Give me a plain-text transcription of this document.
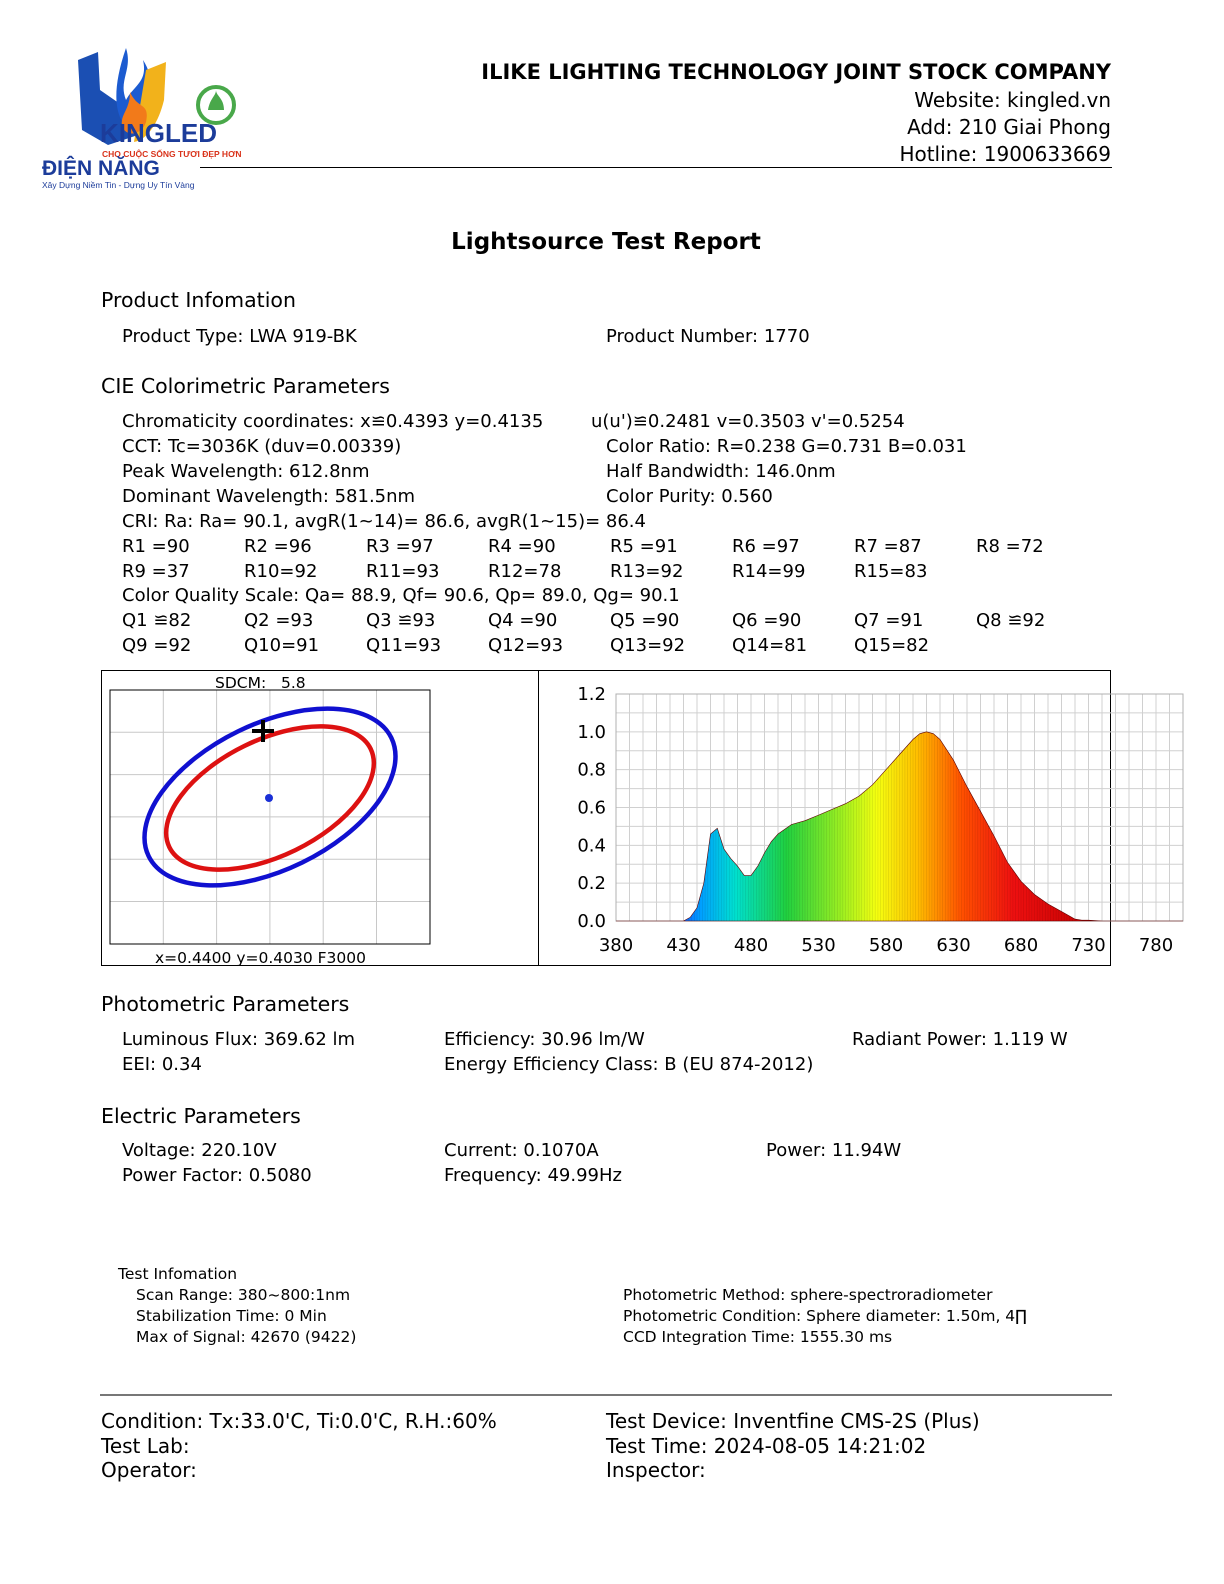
KINGLED
CHO CUỘC SỐNG TƯƠI ĐẸP HƠN
ĐIỆN NĂNG
Xây Dựng Niềm Tin - Dựng Uy Tín Vàng
ILIKE LIGHTING TECHNOLOGY JOINT STOCK COMPANY
Website: kingled.vn
Add: 210 Giai Phong
Hotline: 1900633669
Lightsource Test Report
Product Infomation
Product Type: LWA 919-BK	Product Number: 1770
CIE Colorimetric Parameters
Chromaticity coordinates: x≌0.4393 y=0.4135	u(u')≌0.2481 v=0.3503 v'=0.5254
CCT: Tc=3036K (duv=0.00339)	Color Ratio: R=0.238 G=0.731 B=0.031
Peak Wavelength: 612.8nm	Half Bandwidth: 146.0nm
Dominant Wavelength: 581.5nm	Color Purity: 0.560
CRI: Ra: Ra= 90.1, avgR(1~14)= 86.6, avgR(1~15)= 86.4
R1 =90	R2 =96	R3 =97	R4 =90	R5 =91	R6 =97	R7 =87	R8 =72
R9 =37	R10=92	R11=93	R12=78	R13=92	R14=99	R15=83
Color Quality Scale: Qa= 88.9, Qf= 90.6, Qp= 89.0, Qg= 90.1
Q1 ≌82	Q2 =93	Q3 ≌93	Q4 =90	Q5 =90	Q6 =90	Q7 =91	Q8 ≌92
Q9 =92	Q10=91	Q11=93	Q12=93	Q13=92	Q14=81	Q15=82
SDCM:   5.8
x=0.4400 y=0.4030 F3000
380 430 480 530 580 630 680 730 780
0.0
0.2
0.4
0.6
0.8
1.0
1.2
Photometric Parameters
Luminous Flux: 369.62 lm	Efficiency: 30.96 lm/W	Radiant Power: 1.119 W
EEI: 0.34	Energy Efficiency Class: B (EU 874-2012)
Electric Parameters
Voltage: 220.10V	Current: 0.1070A	Power: 11.94W
Power Factor: 0.5080	Frequency: 49.99Hz
Test Infomation
Scan Range: 380~800:1nm
Stabilization Time: 0 Min
Max of Signal: 42670 (9422)
Photometric Method: sphere-spectroradiometer
Photometric Condition: Sphere diameter: 1.50m, 4∏
CCD Integration Time: 1555.30 ms
Condition: Tx:33.0'C, Ti:0.0'C, R.H.:60%	Test Device: Inventfine CMS-2S (Plus)
Test Lab:	Test Time: 2024-08-05 14:21:02
Operator:	Inspector:
